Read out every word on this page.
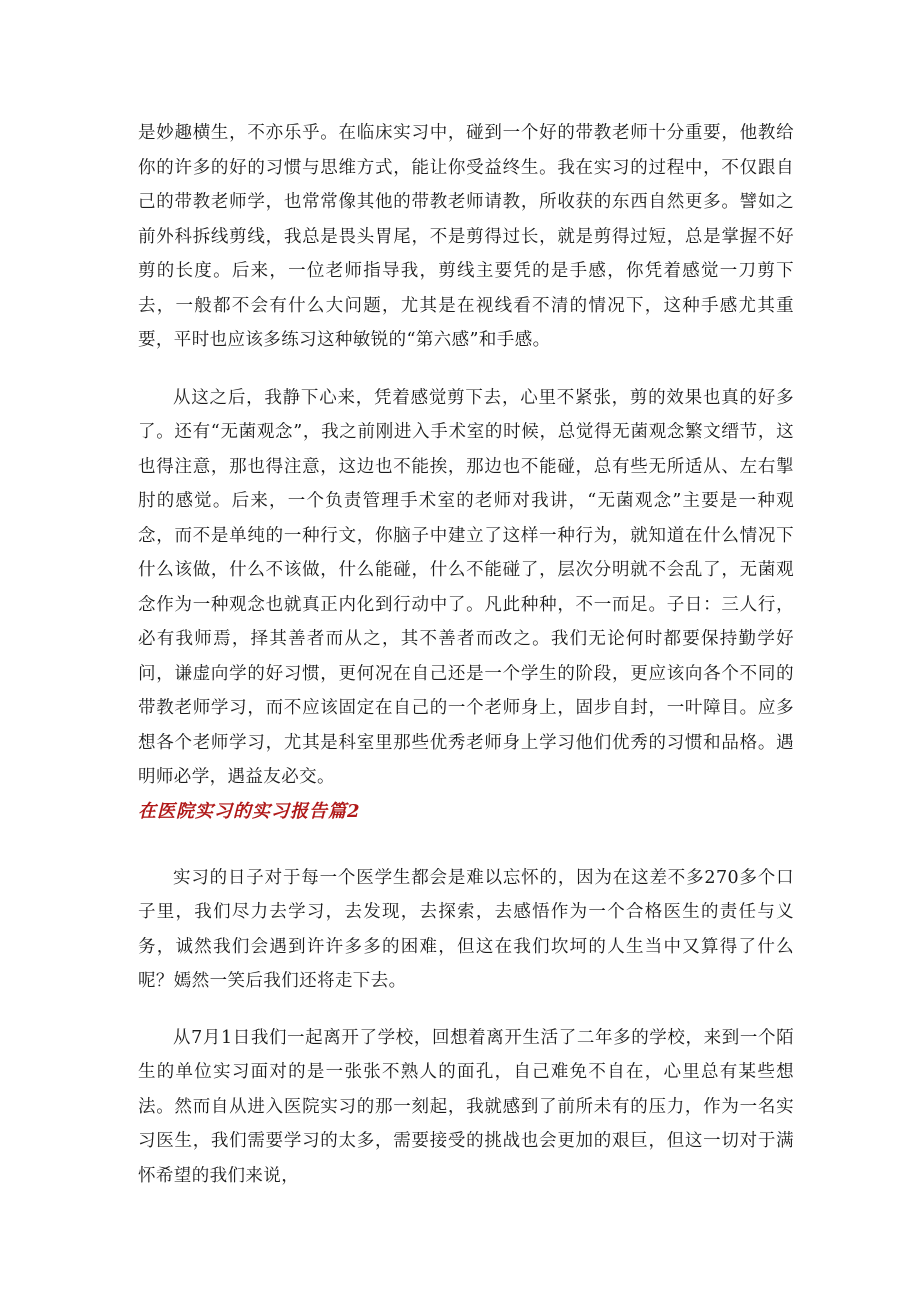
是妙趣横生，不亦乐乎。在临床实习中，碰到一个好的带教老师十分重要，他教给你的许多的好的习惯与思维方式，能让你受益终生。我在实习的过程中，不仅跟自己的带教老师学，也常常像其他的带教老师请教，所收获的东西自然更多。譬如之前外科拆线剪线，我总是畏头胃尾，不是剪得过长，就是剪得过短，总是掌握不好剪的长度。后来，一位老师指导我，剪线主要凭的是手感，你凭着感觉一刀剪下去，一般都不会有什么大问题，尤其是在视线看不清的情况下，这种手感尤其重要，平时也应该多练习这种敏锐的“第六感”和手感。

从这之后，我静下心来，凭着感觉剪下去，心里不紧张，剪的效果也真的好多了。还有“无菌观念”，我之前刚进入手术室的时候，总觉得无菌观念繁文缙节，这也得注意，那也得注意，这边也不能挨，那边也不能碰，总有些无所适从、左右掣肘的感觉。后来，一个负责管理手术室的老师对我讲，“无菌观念”主要是一种观念，而不是单纯的一种行文，你脑子中建立了这样一种行为，就知道在什么情况下什么该做，什么不该做，什么能碰，什么不能碰了，层次分明就不会乱了，无菌观念作为一种观念也就真正内化到行动中了。凡此种种，不一而足。子日：三人行，必有我师焉，择其善者而从之，其不善者而改之。我们无论何时都要保持勤学好问，谦虚向学的好习惯，更何况在自己还是一个学生的阶段，更应该向各个不同的带教老师学习，而不应该固定在自己的一个老师身上，固步自封，一叶障目。应多想各个老师学习，尤其是科室里那些优秀老师身上学习他们优秀的习惯和品格。遇明师必学，遇益友必交。

在医院实习的实习报告篇2

实习的日子对于每一个医学生都会是难以忘怀的，因为在这差不多270多个口子里，我们尽力去学习，去发现，去探索，去感悟作为一个合格医生的责任与义务，诚然我们会遇到许许多多的困难，但这在我们坎坷的人生当中又算得了什么呢？嫣然一笑后我们还将走下去。

从7月1日我们一起离开了学校，回想着离开生活了二年多的学校，来到一个陌生的单位实习面对的是一张张不熟人的面孔，自己难免不自在，心里总有某些想法。然而自从进入医院实习的那一刻起，我就感到了前所未有的压力，作为一名实习医生，我们需要学习的太多，需要接受的挑战也会更加的艰巨，但这一切对于满怀希望的我们来说，
